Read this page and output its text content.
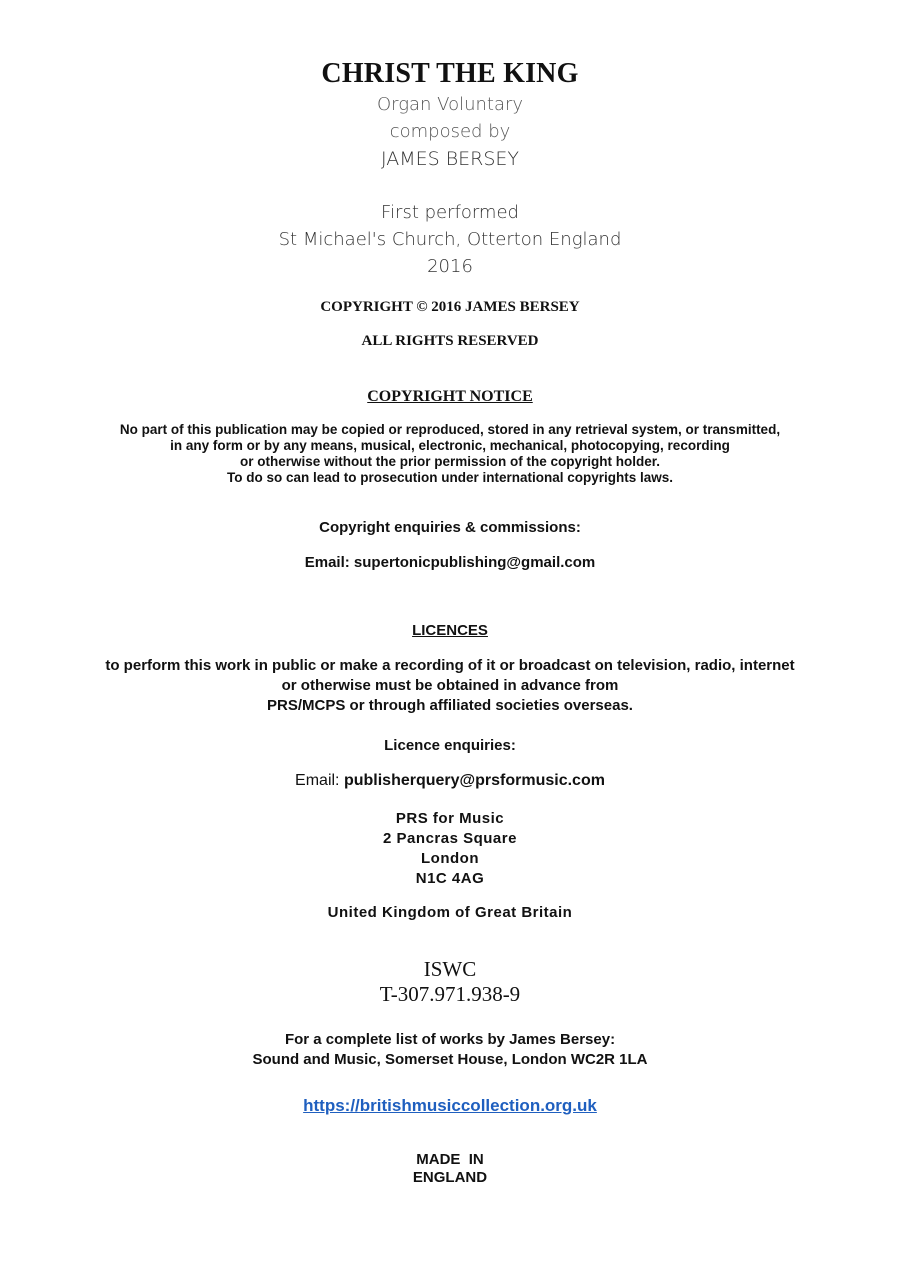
CHRIST THE KING

Organ Voluntary

composed by

JAMES BERSEY

First performed

St Michael's Church, Otterton England

2016

COPYRIGHT © 2016 JAMES BERSEY

ALL RIGHTS RESERVED

COPYRIGHT NOTICE

No part of this publication may be copied or reproduced, stored in any retrieval system, or transmitted,
in any form or by any means, musical, electronic, mechanical, photocopying, recording
or otherwise without the prior permission of the copyright holder.
To do so can lead to prosecution under international copyrights laws.

Copyright enquiries & commissions:

Email: supertonicpublishing@gmail.com

LICENCES

to perform this work in public or make a recording of it or broadcast on television, radio, internet
or otherwise must be obtained in advance from
PRS/MCPS or through affiliated societies overseas.

Licence enquiries:

Email: publisherquery@prsformusic.com

PRS for Music
2 Pancras Square
London
N1C 4AG

United Kingdom of Great Britain

ISWC

T-307.971.938-9

For a complete list of works by James Bersey:

Sound and Music, Somerset House, London WC2R 1LA

https://britishmusiccollection.org.uk

MADE  IN
ENGLAND
